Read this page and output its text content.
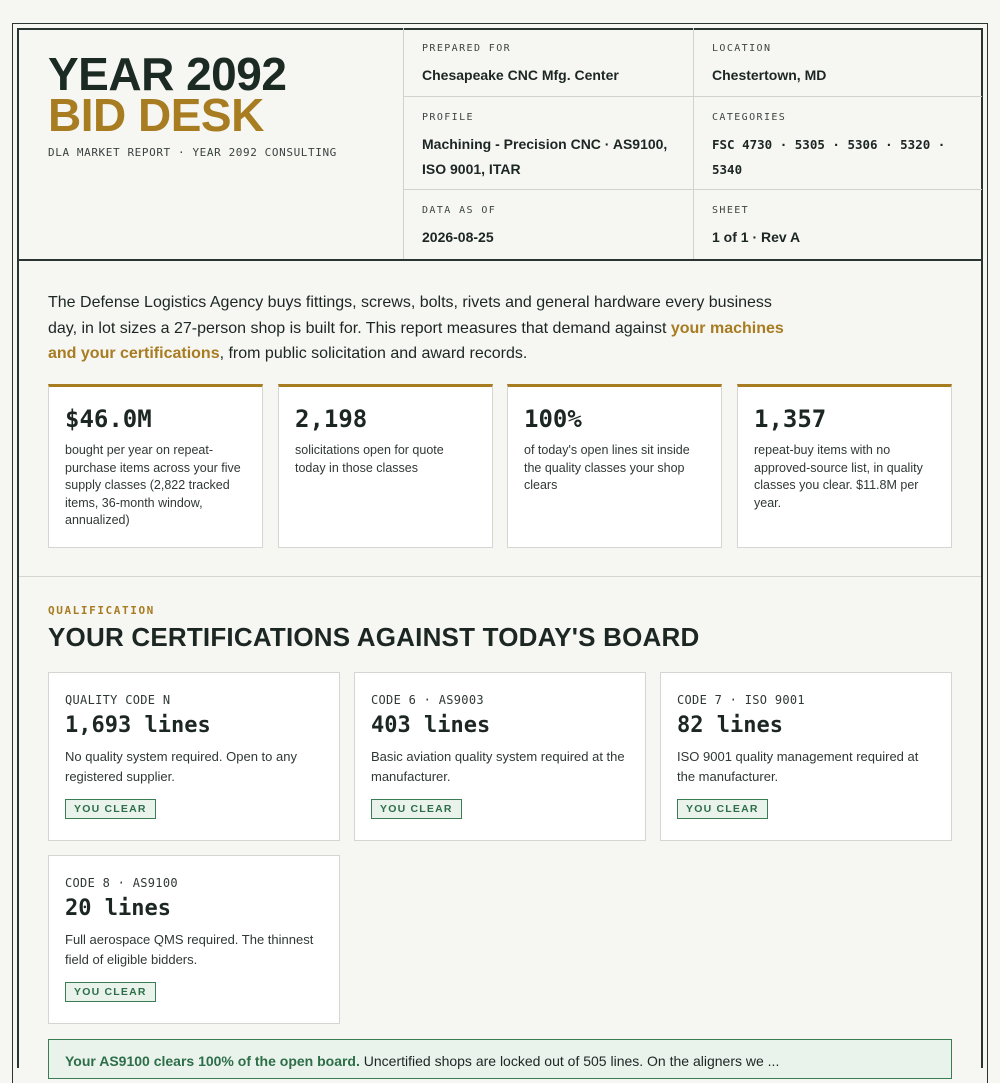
YEAR 2092
BID DESK
DLA MARKET REPORT · YEAR 2092 CONSULTING
PREPARED FOR
Chesapeake CNC Mfg. Center
LOCATION
Chestertown, MD
PROFILE
Machining - Precision CNC · AS9100, ISO 9001, ITAR
CATEGORIES
FSC 4730 · 5305 · 5306 · 5320 · 5340
DATA AS OF
2026-08-25
SHEET
1 of 1 · Rev A

The Defense Logistics Agency buys fittings, screws, bolts, rivets and general hardware every business day, in lot sizes a 27-person shop is built for. This report measures that demand against your machines and your certifications, from public solicitation and award records.

$46.0M
bought per year on repeat-purchase items across your five supply classes (2,822 tracked items, 36-month window, annualized)
2,198
solicitations open for quote today in those classes
100%
of today's open lines sit inside the quality classes your shop clears
1,357
repeat-buy items with no approved-source list, in quality classes you clear. $11.8M per year.
QUALIFICATION
YOUR CERTIFICATIONS AGAINST TODAY'S BOARD
QUALITY CODE N
1,693 lines
No quality system required. Open to any registered supplier.
YOU CLEAR
CODE 6 · AS9003
403 lines
Basic aviation quality system required at the manufacturer.
YOU CLEAR
CODE 7 · ISO 9001
82 lines
ISO 9001 quality management required at the manufacturer.
YOU CLEAR
CODE 8 · AS9100
20 lines
Full aerospace QMS required. The thinnest field of eligible bidders.
YOU CLEAR
Your AS9100 clears 100% of the open board. Uncertified shops are locked out of 505 lines. On the aligners we ...
